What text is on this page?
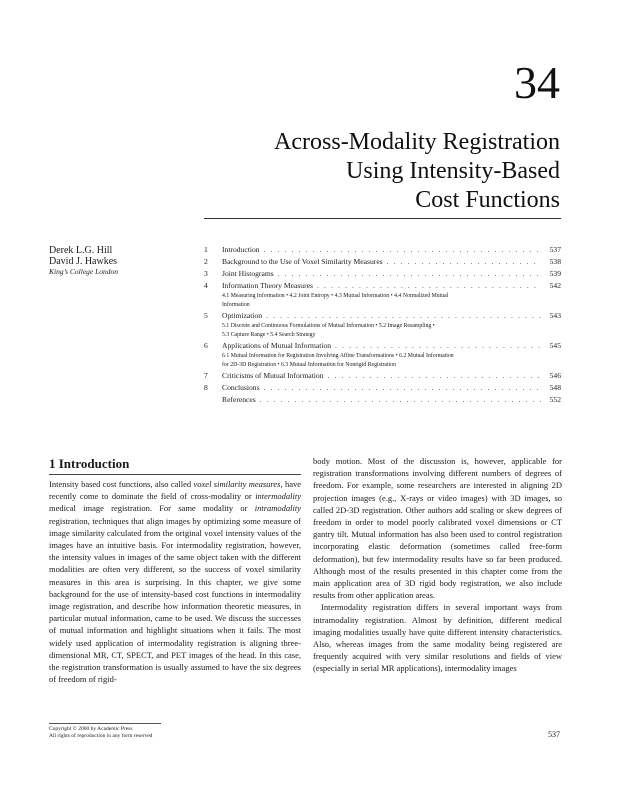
34
Across-Modality Registration
Using Intensity-Based
Cost Functions
Derek L.G. Hill
David J. Hawkes
King’s College London
1	Introduction . . .	537
2	Background to the Use of Voxel Similarity Measures . . .	538
3	Joint Histograms . . .	539
4	Information Theory Measures . . .	542
4.1 Measuring Information • 4.2 Joint Entropy • 4.3 Mutual Information • 4.4 Normalized Mutual
Information
5	Optimization . . .	543
5.1 Discrete and Continuous Formulations of Mutual Information • 5.2 Image Resampling •
5.3 Capture Range • 5.4 Search Strategy
6	Applications of Mutual Information . . .	545
6.1 Mutual Information for Registration Involving Affine Transformations • 6.2 Mutual Information
for 2D-3D Registration • 6.3 Mutual Information for Nonrigid Registration
7	Criticisms of Mutual Information . . .	546
8	Conclusions . . .	548
References . . .	552
1 Introduction

Intensity based cost functions, also called voxel similarity measures, have recently come to dominate the field of cross-modality or intermodality medical image registration. For same modality or intramodality registration, techniques that align images by optimizing some measure of image similarity calculated from the original voxel intensity values of the images have an intuitive basis. For intermodality registration, however, the intensity values in images of the same object taken with the different modalities are often very different, so the success of voxel similarity measures in this area is surprising. In this chapter, we give some background for the use of intensity-based cost functions in intermodality image registration, and describe how information theoretic measures, in particular mutual information, came to be used. We discuss the successes of mutual information and highlight situations when it fails. The most widely used application of intermodality registration is aligning three-dimensional MR, CT, SPECT, and PET images of the head. In this case, the registration transformation is usually assumed to have the six degrees of freedom of rigid-

body motion. Most of the discussion is, however, applicable for registration transformations involving different numbers of degrees of freedom. For example, some researchers are interested in aligning 2D projection images (e.g., X-rays or video images) with 3D images, so called 2D-3D registration. Other authors add scaling or skew degrees of freedom in order to model poorly calibrated voxel dimensions or CT gantry tilt. Mutual information has also been used to control registration incorporating elastic deformation (sometimes called free-form deformation), but few intermodality results have so far been produced. Although most of the results presented in this chapter come from the main application area of 3D rigid body registration, we also include results from other application areas.

Intermodality registration differs in several important ways from intramodality registration. Almost by definition, different medical imaging modalities usually have quite different intensity characteristics. Also, whereas images from the same modality being registered are frequently acquired with very similar resolutions and fields of view (especially in serial MR applications), intermodality images

Copyright © 2000 by Academic Press
All rights of reproduction in any form reserved	537
